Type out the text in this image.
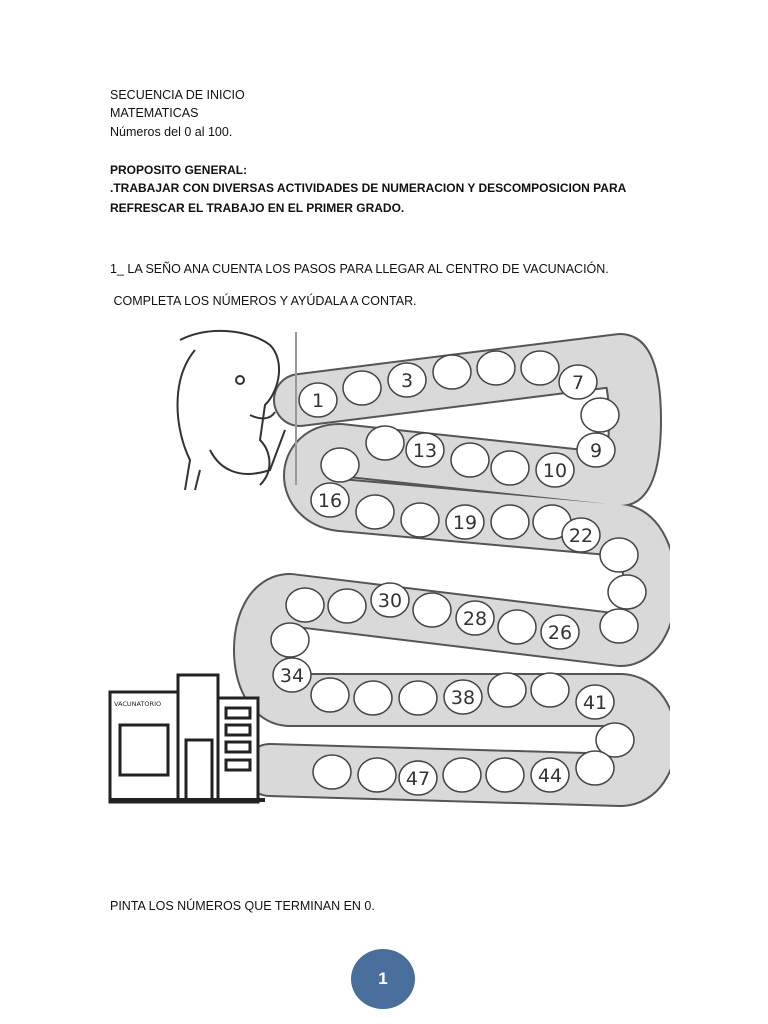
SECUENCIA DE INICIO
MATEMATICAS
Números del 0 al 100.
PROPOSITO GENERAL:
.TRABAJAR CON DIVERSAS ACTIVIDADES DE NUMERACION Y DESCOMPOSICION PARA
REFRESCAR EL TRABAJO EN EL PRIMER GRADO.
1_ LA SEÑO ANA CUENTA LOS PASOS PARA LLEGAR AL CENTRO DE VACUNACIÓN.
COMPLETA LOS NÚMEROS Y AYÚDALA A CONTAR.
1
3	7
9
10
13
16
19
22
26
28
30
34
38	41
44
47
VACUNATORIO
PINTA LOS NÚMEROS QUE TERMINAN EN 0.
1
